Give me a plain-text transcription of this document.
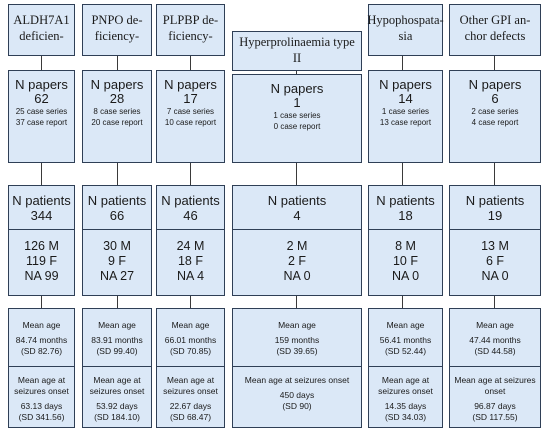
ALDH7A1 deficien-
N papers
62
25 case series
37 case report
N patients
344
126 M
119 F
NA 99
Mean age
84.74 months
(SD 82.76)
Mean age at seizures onset
63.13 days
(SD 341.56)
PNPO de- ficiency-
N papers
28
8 case series
20 case report
N patients
66
30 M
9 F
NA 27
Mean age
83.91 months
(SD 99.40)
Mean age at seizures onset
53.92 days
(SD 184.10)
PLPBP de- ficiency-
N papers
17
7 case series
10 case report
N patients
46
24 M
18 F
NA 4
Mean age
66.01 months
(SD 70.85)
Mean age at seizures onset
22.67 days
(SD 68.47)
Hyperprolinaemia type II
N papers
1
1 case series
0 case report
N patients
4
2 M
2 F
NA 0
Mean age
159 months
(SD 39.65)
Mean age at seizures onset
450 days
(SD 90)
Hypophospata- sia
N papers
14
1 case series
13 case report
N patients
18
8 M
10 F
NA 0
Mean age
56.41 months
(SD 52.44)
Mean age at seizures onset
14.35 days
(SD 34.03)
Other GPI an- chor defects
N papers
6
2 case series
4 case report
N patients
19
13 M
6 F
NA 0
Mean age
47.44 months
(SD 44.58)
Mean age at seizures onset
96.87 days
(SD 117.55)
